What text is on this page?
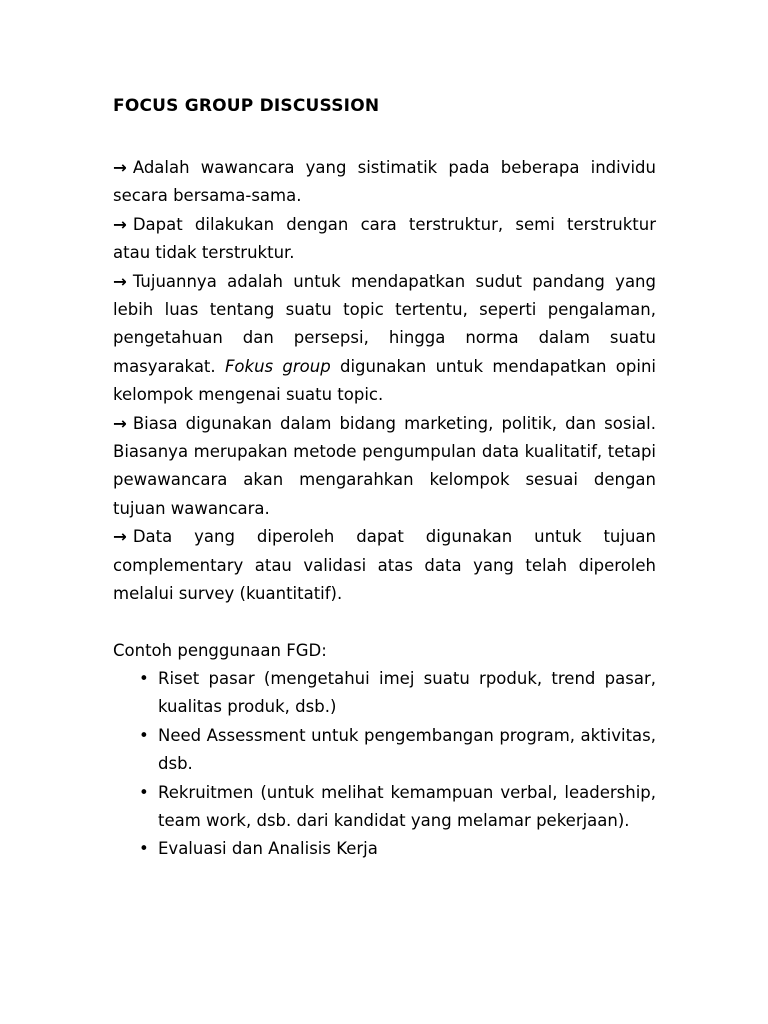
FOCUS GROUP DISCUSSION

→ Adalah wawancara yang sistimatik pada beberapa individu secara bersama-sama.

→ Dapat dilakukan dengan cara terstruktur, semi terstruktur atau tidak terstruktur.

→ Tujuannya adalah untuk mendapatkan sudut pandang yang lebih luas tentang suatu topic tertentu, seperti pengalaman, pengetahuan dan persepsi, hingga norma dalam suatu masyarakat. Fokus group digunakan untuk mendapatkan opini kelompok mengenai suatu topic.

→ Biasa digunakan dalam bidang marketing, politik, dan sosial. Biasanya merupakan metode pengumpulan data kualitatif, tetapi pewawancara akan mengarahkan kelompok sesuai dengan tujuan wawancara.

→ Data yang diperoleh dapat digunakan untuk tujuan complementary atau validasi atas data yang telah diperoleh melalui survey (kuantitatif).

Contoh penggunaan FGD:

• Riset pasar (mengetahui imej suatu rpoduk, trend pasar, kualitas produk, dsb.)
• Need Assessment untuk pengembangan program, aktivitas, dsb.
• Rekruitmen (untuk melihat kemampuan verbal, leadership, team work, dsb. dari kandidat yang melamar pekerjaan).
• Evaluasi dan Analisis Kerja
